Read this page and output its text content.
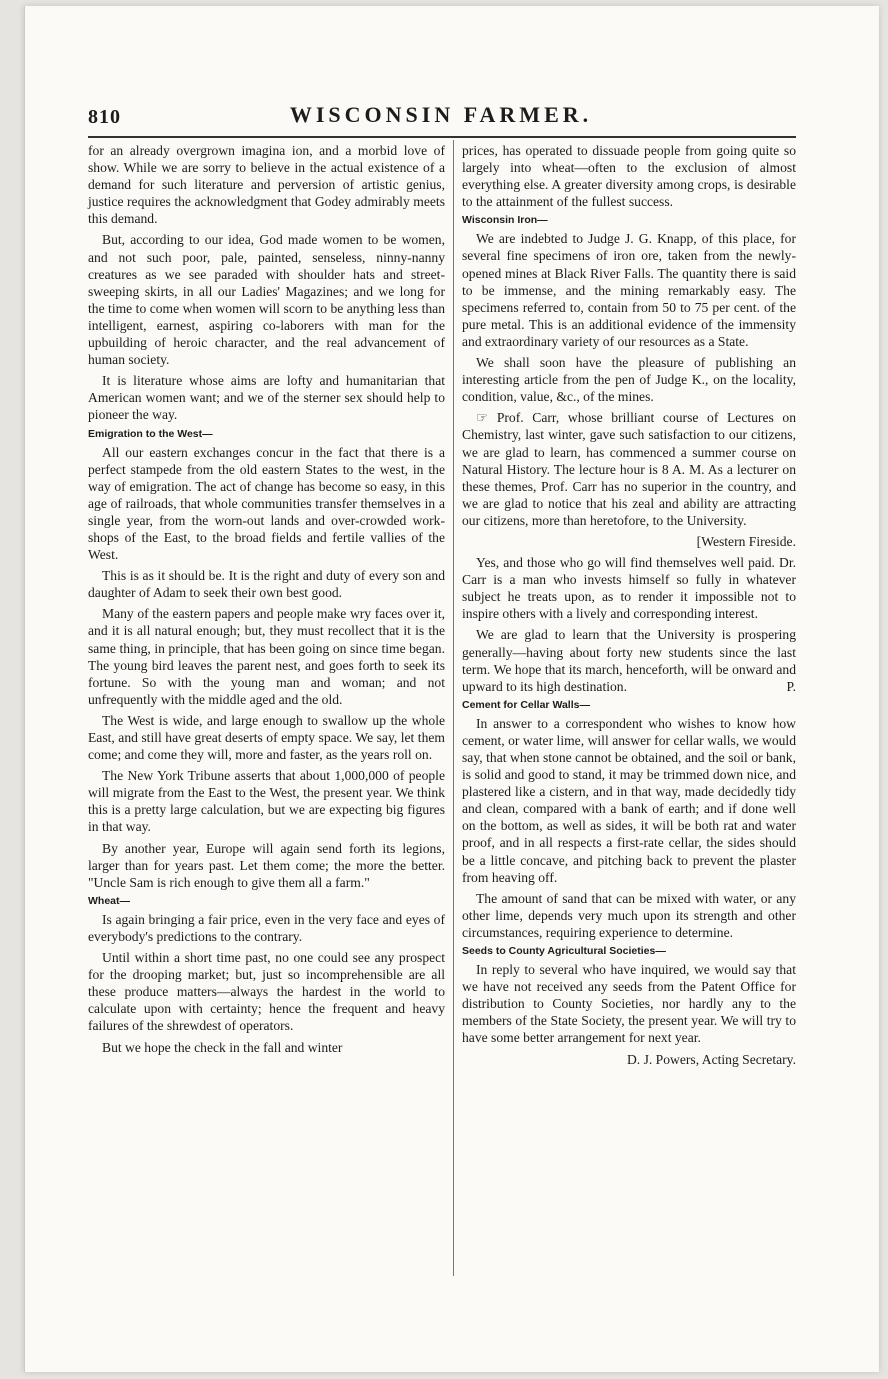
810	WISCONSIN FARMER.

for an already overgrown imagina ion, and a morbid love of show. While we are sorry to believe in the actual existence of a demand for such literature and perversion of artistic genius, justice requires the acknowledgment that Godey admirably meets this demand.

But, according to our idea, God made women to be women, and not such poor, pale, painted, senseless, ninny-nanny creatures as we see paraded with shoulder hats and street-sweeping skirts, in all our Ladies' Magazines; and we long for the time to come when women will scorn to be anything less than intelligent, earnest, aspiring co-laborers with man for the upbuilding of heroic character, and the real advancement of human society.

It is literature whose aims are lofty and humanitarian that American women want; and we of the sterner sex should help to pioneer the way.

Emigration to the West—

All our eastern exchanges concur in the fact that there is a perfect stampede from the old eastern States to the west, in the way of emigration. The act of change has become so easy, in this age of railroads, that whole communities transfer themselves in a single year, from the worn-out lands and over-crowded work-shops of the East, to the broad fields and fertile vallies of the West.

This is as it should be. It is the right and duty of every son and daughter of Adam to seek their own best good.

Many of the eastern papers and people make wry faces over it, and it is all natural enough; but, they must recollect that it is the same thing, in principle, that has been going on since time began. The young bird leaves the parent nest, and goes forth to seek its fortune. So with the young man and woman; and not unfrequently with the middle aged and the old.

The West is wide, and large enough to swallow up the whole East, and still have great deserts of empty space. We say, let them come; and come they will, more and faster, as the years roll on.

The New York Tribune asserts that about 1,000,000 of people will migrate from the East to the West, the present year. We think this is a pretty large calculation, but we are expecting big figures in that way.

By another year, Europe will again send forth its legions, larger than for years past. Let them come; the more the better. "Uncle Sam is rich enough to give them all a farm."

Wheat—

Is again bringing a fair price, even in the very face and eyes of everybody's predictions to the contrary.

Until within a short time past, no one could see any prospect for the drooping market; but, just so incomprehensible are all these produce matters—always the hardest in the world to calculate upon with certainty; hence the frequent and heavy failures of the shrewdest of operators.

But we hope the check in the fall and winter

prices, has operated to dissuade people from going quite so largely into wheat—often to the exclusion of almost everything else. A greater diversity among crops, is desirable to the attainment of the fullest success.

Wisconsin Iron—

We are indebted to Judge J. G. Knapp, of this place, for several fine specimens of iron ore, taken from the newly-opened mines at Black River Falls. The quantity there is said to be immense, and the mining remarkably easy. The specimens referred to, contain from 50 to 75 per cent. of the pure metal. This is an additional evidence of the immensity and extraordinary variety of our resources as a State.

We shall soon have the pleasure of publishing an interesting article from the pen of Judge K., on the locality, condition, value, &c., of the mines.

☞ Prof. Carr, whose brilliant course of Lectures on Chemistry, last winter, gave such satisfaction to our citizens, we are glad to learn, has commenced a summer course on Natural History. The lecture hour is 8 A. M. As a lecturer on these themes, Prof. Carr has no superior in the country, and we are glad to notice that his zeal and ability are attracting our citizens, more than heretofore, to the University.

[Western Fireside.

Yes, and those who go will find themselves well paid. Dr. Carr is a man who invests himself so fully in whatever subject he treats upon, as to render it impossible not to inspire others with a lively and corresponding interest.

We are glad to learn that the University is prospering generally—having about forty new students since the last term. We hope that its march, henceforth, will be onward and upward to its high destination.	P.

Cement for Cellar Walls—

In answer to a correspondent who wishes to know how cement, or water lime, will answer for cellar walls, we would say, that when stone cannot be obtained, and the soil or bank, is solid and good to stand, it may be trimmed down nice, and plastered like a cistern, and in that way, made decidedly tidy and clean, compared with a bank of earth; and if done well on the bottom, as well as sides, it will be both rat and water proof, and in all respects a first-rate cellar, the sides should be a little concave, and pitching back to prevent the plaster from heaving off.

The amount of sand that can be mixed with water, or any other lime, depends very much upon its strength and other circumstances, requiring experience to determine.

Seeds to County Agricultural Societies—

In reply to several who have inquired, we would say that we have not received any seeds from the Patent Office for distribution to County Societies, nor hardly any to the members of the State Society, the present year. We will try to have some better arrangement for next year.

D. J. Powers, Acting Secretary.
